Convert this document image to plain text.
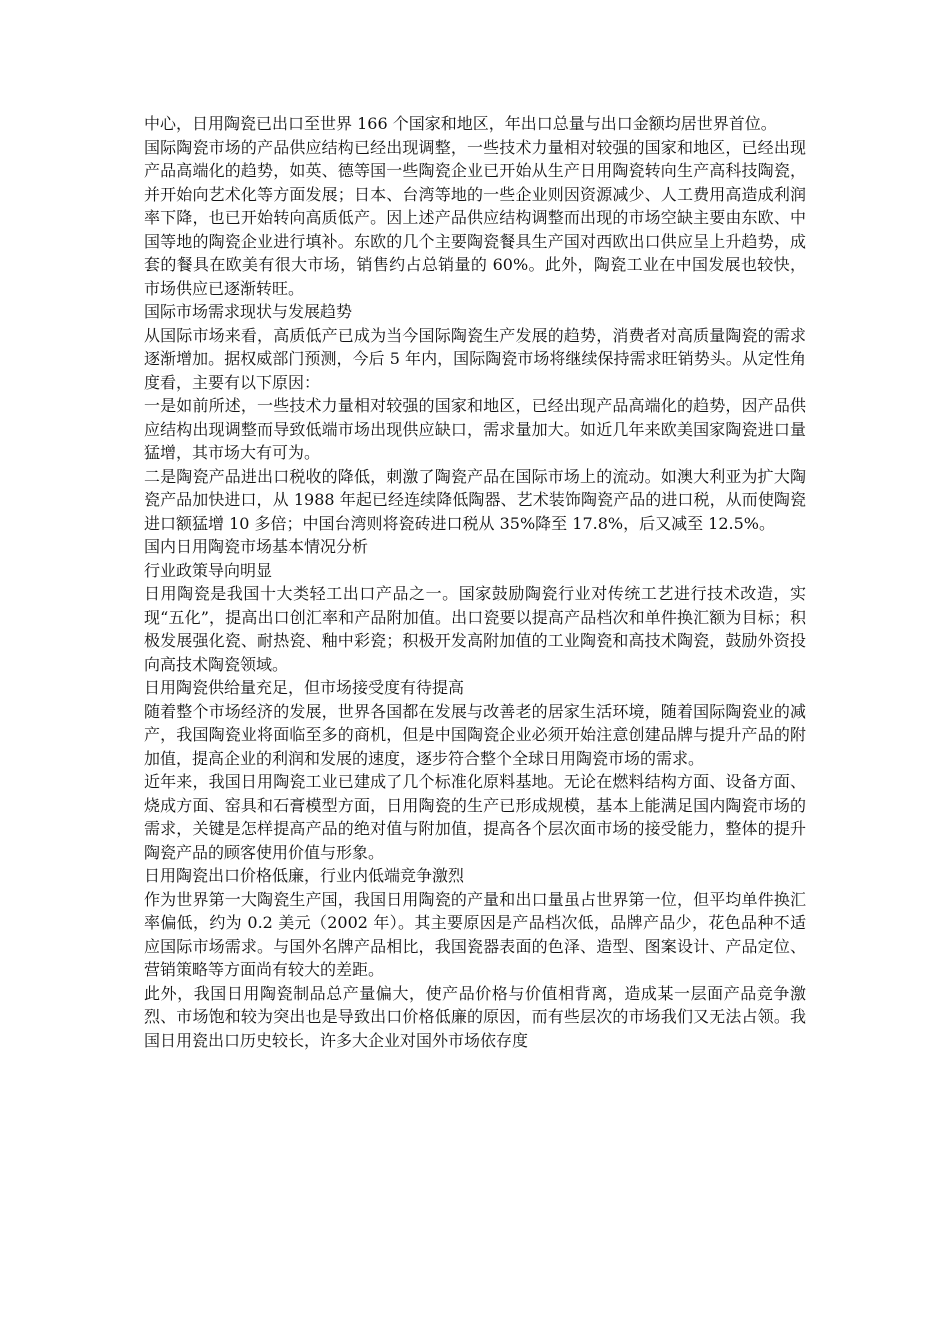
中心，日用陶瓷已出口至世界 166 个国家和地区，年出口总量与出口金额均居世界首位。

国际陶瓷市场的产品供应结构已经出现调整，一些技术力量相对较强的国家和地区，已经出现产品高端化的趋势，如英、德等国一些陶瓷企业已开始从生产日用陶瓷转向生产高科技陶瓷，并开始向艺术化等方面发展；日本、台湾等地的一些企业则因资源减少、人工费用高造成利润率下降，也已开始转向高质低产。因上述产品供应结构调整而出现的市场空缺主要由东欧、中国等地的陶瓷企业进行填补。东欧的几个主要陶瓷餐具生产国对西欧出口供应呈上升趋势，成套的餐具在欧美有很大市场，销售约占总销量的 60%。此外，陶瓷工业在中国发展也较快，市场供应已逐渐转旺。

国际市场需求现状与发展趋势

从国际市场来看，高质低产已成为当今国际陶瓷生产发展的趋势，消费者对高质量陶瓷的需求逐渐增加。据权威部门预测，今后 5 年内，国际陶瓷市场将继续保持需求旺销势头。从定性角度看，主要有以下原因：

一是如前所述，一些技术力量相对较强的国家和地区，已经出现产品高端化的趋势，因产品供应结构出现调整而导致低端市场出现供应缺口，需求量加大。如近几年来欧美国家陶瓷进口量猛增，其市场大有可为。

二是陶瓷产品进出口税收的降低，刺激了陶瓷产品在国际市场上的流动。如澳大利亚为扩大陶瓷产品加快进口，从 1988 年起已经连续降低陶器、艺术装饰陶瓷产品的进口税，从而使陶瓷进口额猛增 10 多倍；中国台湾则将瓷砖进口税从 35%降至 17.8%，后又减至 12.5%。

国内日用陶瓷市场基本情况分析

行业政策导向明显

日用陶瓷是我国十大类轻工出口产品之一。国家鼓励陶瓷行业对传统工艺进行技术改造，实现“五化”，提高出口创汇率和产品附加值。出口瓷要以提高产品档次和单件换汇额为目标；积极发展强化瓷、耐热瓷、釉中彩瓷；积极开发高附加值的工业陶瓷和高技术陶瓷，鼓励外资投向高技术陶瓷领域。

日用陶瓷供给量充足，但市场接受度有待提高

随着整个市场经济的发展，世界各国都在发展与改善老的居家生活环境，随着国际陶瓷业的减产，我国陶瓷业将面临至多的商机，但是中国陶瓷企业必须开始注意创建品牌与提升产品的附加值，提高企业的利润和发展的速度，逐步符合整个全球日用陶瓷市场的需求。

近年来，我国日用陶瓷工业已建成了几个标准化原料基地。无论在燃料结构方面、设备方面、烧成方面、窑具和石膏模型方面，日用陶瓷的生产已形成规模，基本上能满足国内陶瓷市场的需求，关键是怎样提高产品的绝对值与附加值，提高各个层次面市场的接受能力，整体的提升陶瓷产品的顾客使用价值与形象。

日用陶瓷出口价格低廉，行业内低端竞争激烈

作为世界第一大陶瓷生产国，我国日用陶瓷的产量和出口量虽占世界第一位，但平均单件换汇率偏低，约为 0.2 美元（2002 年）。其主要原因是产品档次低，品牌产品少，花色品种不适应国际市场需求。与国外名牌产品相比，我国瓷器表面的色泽、造型、图案设计、产品定位、营销策略等方面尚有较大的差距。

此外，我国日用陶瓷制品总产量偏大，使产品价格与价值相背离，造成某一层面产品竞争激烈、市场饱和较为突出也是导致出口价格低廉的原因，而有些层次的市场我们又无法占领。我国日用瓷出口历史较长，许多大企业对国外市场依存度
